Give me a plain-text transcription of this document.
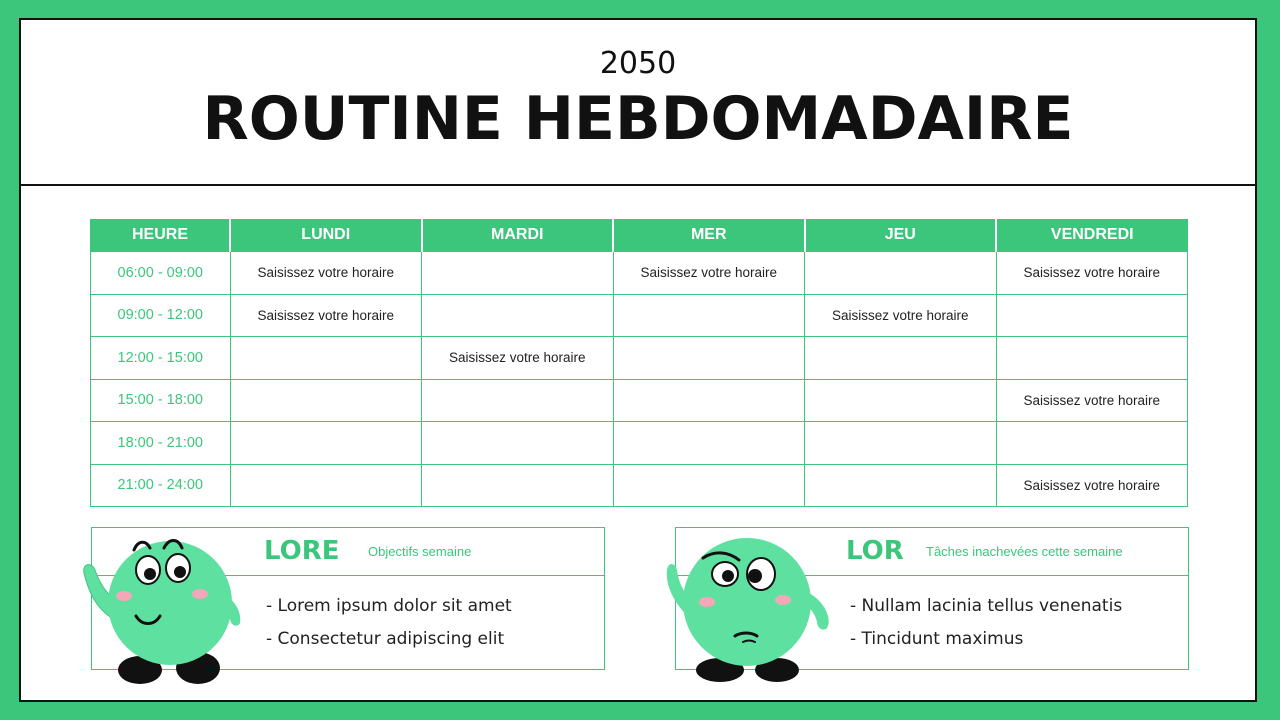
2050
ROUTINE HEBDOMADAIRE
HEURE	LUNDI	MARDI	MER	JEU	VENDREDI
06:00 - 09:00	Saisissez votre horaire		Saisissez votre horaire		Saisissez votre horaire
09:00 - 12:00	Saisissez votre horaire			Saisissez votre horaire	
12:00 - 15:00		Saisissez votre horaire			
15:00 - 18:00					Saisissez votre horaire
18:00 - 21:00					
21:00 - 24:00					Saisissez votre horaire
LORE Objectifs semaine
- Lorem ipsum dolor sit amet
- Consectetur adipiscing elit
LOR Tâches inachevées cette semaine
- Nullam lacinia tellus venenatis
- Tincidunt maximus
